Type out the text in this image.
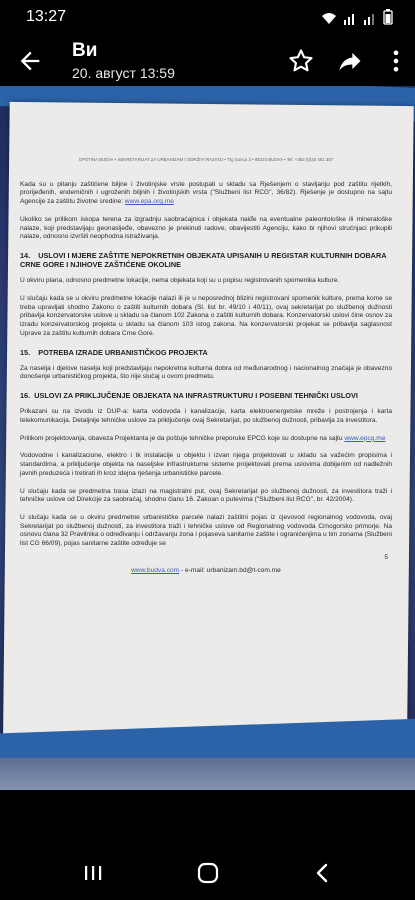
13:27
Ви
20. август 13:59
OPŠTINA BUDVA • SEKRETARIJAT ZA URBANIZAM I ODRŽIVI RAZVOJ • Trg Sunca 3 • 85310 BUDVA • Tel: +382 (0)33 451 387

Kada su u pitanju zaštićene biljne i životinjske vrste postupati u skladu sa Rješenjem o stavljanju pod zaštitu rijetkih, prorijeđenih, endemičnih i ugroženih biljnih i životinjskih vrsta ("Službeni list RCG", 36/82). Rješenje je dostupno na sajtu Agencije za zaštitu životne sredine: www.epa.org.me

Ukoliko se prilikom iskopa terena za izgradnju saobraćajnica i objekata naiđe na eventualne paleontološke ili mineraloške nalaze, koji predstavljaju geonasljeđe, obavezno je prekinuti radove, obavijestiti Agenciju, kako bi njihovi stručnjaci prikupili nalaze, odnosno izvršili neophodna istraživanja.

14.    USLOVI I MJERE ZAŠTITE NEPOKRETNIH OBJEKATA UPISANIH U REGISTAR KULTURNIH DOBARA CRNE GORE I NJIHOVE ZAŠTIĆENE OKOLINE

U okviru plana, odnosno predmetne lokacije, nema objekata koji su u popisu registrovanih spomenika kulture.

U slučaju kada se u okviru predmetne lokacije nalazi ili je u neposrednoj blizini registrovani spomenik kulture, prema kome se treba upravljati shodno Zakonu o zaštiti kulturnih dobara (Sl. list br. 49/10 i 40/11), ovaj sekretarijat po službenoj dužnosti pribavlja konzervatorske uslove u skladu sa članom 102 Zakona o zaštiti kulturnih dobara. Konzervatorski uslovi čine osnov za izradu konzervatorskog projekta u skladu sa članom 103 istog zakona. Na konzervatorski projekat se pribavlja saglasnost Uprave za zaštitu kulturnih dobara Crne Gore.

15.    POTREBA IZRADE URBANISTIČKOG PROJEKTA

Za naselja i djelove naselja koji predstavljaju nepokretna kulturna dobra od međunarodnog i nacionalnog značaja je obavezno donošenje urbanističkog projekta, što nije slučaj u ovom predmetu.

16.  USLOVI ZA PRIKLJUČENJE OBJEKATA NA INFRASTRUKTURU I POSEBNI TEHNIČKI USLOVI

Prikazani su na izvodu iz DUP-a: karta vodovoda i kanalizacije, karta elektroenergetske mreže i postrojenja i karta telekomunikacija. Detaljnije tehničke uslove za priključenje ovaj Sekretarijat, po službenoj dužnosti, pribavlja za investitora.

Prilikom projektovanja, obaveza Projektanta je da poštuje tehničke preporuke EPCG koje su dostupne na sajtu www.epcg.me

Vodovodne i kanalizacione, elektro i tk instalacije u objektu i izvan njega projektovati u skladu sa važećim propisima i standardima, a priključenje objekta na naseljske infrastrukturne sisteme projektovati prema uslovima dobijenim od nadležnih javnih preduzeća i tretirati ih kroz idejna rješenja urbanističke parcele.

U slučaju kada se predmetna trasa izlazi na magistralni put, ovaj Sekretarijat po službenoj dužnosti, za investitora traži i tehničke uslove od Direkcije za saobraćaj, shodno članu 16. Zakoan o putevima ("Službeni list RCG", br. 42/2004).

U slučaju kada se u okviru predmetne urbanističke parcele nalazi zaštitni pojas iz cjevovod regionalnog vodovoda, ovaj Sekretarijat po službenoj dužnosti, za investitora traži i tehničke uslove od Regionalnog vodovoda Crnogorsko primorje. Na osnovu člana 32 Pravilnika o određivanju i održavanju zona i pojaseva sanitarne zaštite i ograničenjima u tim zonama (Službeni list CG 66/09), pojas sanitarne zaštite određuje se

5
www.budva.com - e-mail: urbanizam.bd@t-com.me
